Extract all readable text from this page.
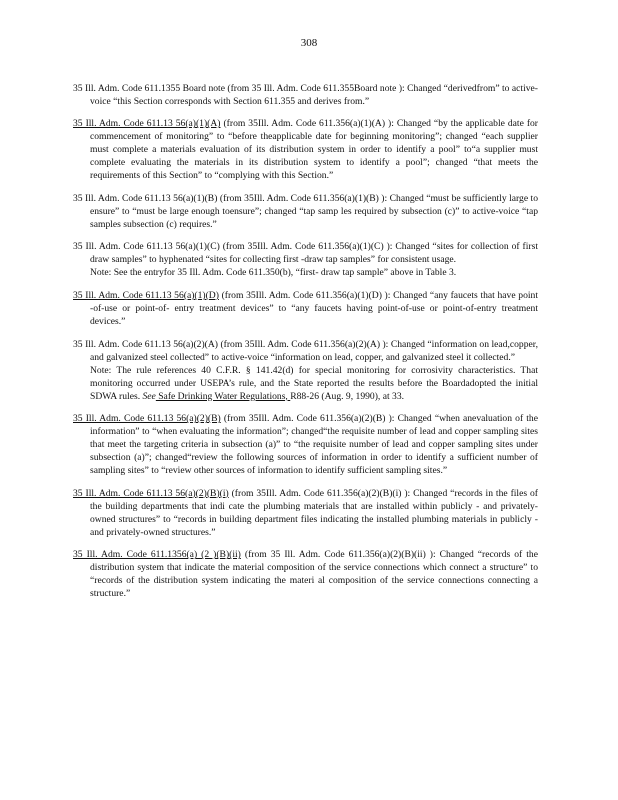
308

35 Ill. Adm. Code 611.1355 Board note (from 35 Ill. Adm. Code 611.355Board note ): Changed “derivedfrom” to active- voice “this Section corresponds with Section 611.355 and derives from.”

35 Ill. Adm. Code 611.13 56(a)(1)(A) (from 35Ill. Adm. Code 611.356(a)(1)(A) ): Changed “by the applicable date for commencement of monitoring” to “before theapplicable date for beginning monitoring”; changed “each supplier must complete a materials evaluation of its distribution system in order to identify a pool” to“a supplier must complete evaluating the materials in its distribution system to identify a pool”; changed “that meets the requirements of this Section” to “complying with this Section.”

35 Ill. Adm. Code 611.13 56(a)(1)(B) (from 35Ill. Adm. Code 611.356(a)(1)(B) ): Changed “must be sufficiently large to ensure” to “must be large enough toensure”; changed “tap samp les required by subsection (c)” to active-voice “tap samples subsection (c) requires.”

35 Ill. Adm. Code 611.13 56(a)(1)(C) (from 35Ill. Adm. Code 611.356(a)(1)(C) ): Changed “sites for collection of first draw samples” to hyphenated “sites for collecting first -draw tap samples” for consistent usage.
Note: See the entryfor 35 Ill. Adm. Code 611.350(b), “first- draw tap sample” above in Table 3.

35 Ill. Adm. Code 611.13 56(a)(1)(D) (from 35Ill. Adm. Code 611.356(a)(1)(D) ): Changed “any faucets that have point -of-use or point-of- entry treatment devices” to “any faucets having point-of-use or point-of-entry treatment devices.”

35 Ill. Adm. Code 611.13 56(a)(2)(A) (from 35Ill. Adm. Code 611.356(a)(2)(A) ): Changed “information on lead,copper, and galvanized steel collected” to active-voice “information on lead, copper, and galvanized steel it collected.”
Note: The rule references 40 C.F.R. § 141.42(d) for special monitoring for corrosivity characteristics. That monitoring occurred under USEPA’s rule, and the State reported the results before the Boardadopted the initial SDWA rules. See Safe Drinking Water Regulations, R88-26 (Aug. 9, 1990), at 33.

35 Ill. Adm. Code 611.13 56(a)(2)(B) (from 35Ill. Adm. Code 611.356(a)(2)(B) ): Changed “when anevaluation of the information” to “when evaluating the information”; changed“the requisite number of lead and copper sampling sites that meet the targeting criteria in subsection (a)” to “the requisite number of lead and copper sampling sites under subsection (a)”; changed“review the following sources of information in order to identify a sufficient number of sampling sites” to “review other sources of information to identify sufficient sampling sites.”

35 Ill. Adm. Code 611.13 56(a)(2)(B)(i) (from 35Ill. Adm. Code 611.356(a)(2)(B)(i) ): Changed “records in the files of the building departments that indi cate the plumbing materials that are installed within publicly - and privately-owned structures” to “records in building department files indicating the installed plumbing materials in publicly - and privately-owned structures.”

35 Ill. Adm. Code 611.1356(a) (2 )(B)(ii) (from 35 Ill. Adm. Code 611.356(a)(2)(B)(ii) ): Changed “records of the distribution system that indicate the material composition of the service connections which connect a structure” to “records of the distribution system indicating the materi al composition of the service connections connecting a structure.”
